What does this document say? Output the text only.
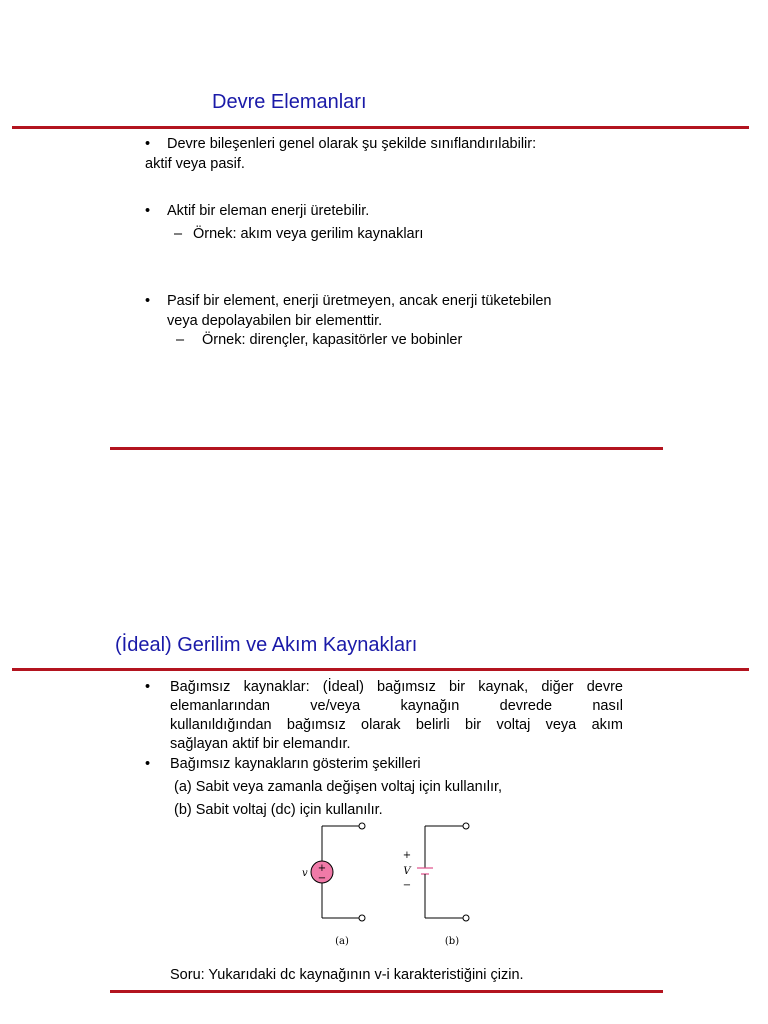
Devre Elemanları
• Devre bileşenleri genel olarak şu şekilde sınıflandırılabilir:
aktif veya pasif.
• Aktif bir eleman enerji üretebilir.
– Örnek: akım veya gerilim kaynakları
• Pasif bir element, enerji üretmeyen, ancak enerji tüketebilen
veya depolayabilen bir elementtir.
– Örnek: dirençler, kapasitörler ve bobinler
(İdeal) Gerilim ve Akım Kaynakları
• Bağımsız kaynaklar: (İdeal) bağımsız bir kaynak, diğer devre
elemanlarından ve/veya kaynağın devrede nasıl
kullanıldığından bağımsız olarak belirli bir voltaj veya akım
sağlayan aktif bir elemandır.
• Bağımsız kaynakların gösterim şekilleri
(a) Sabit veya zamanla değişen voltaj için kullanılır,
(b) Sabit voltaj (dc) için kullanılır.
+
−
v
(a)
+
V
−
(b)
Soru: Yukarıdaki dc kaynağının v-i karakteristiğini çizin.
